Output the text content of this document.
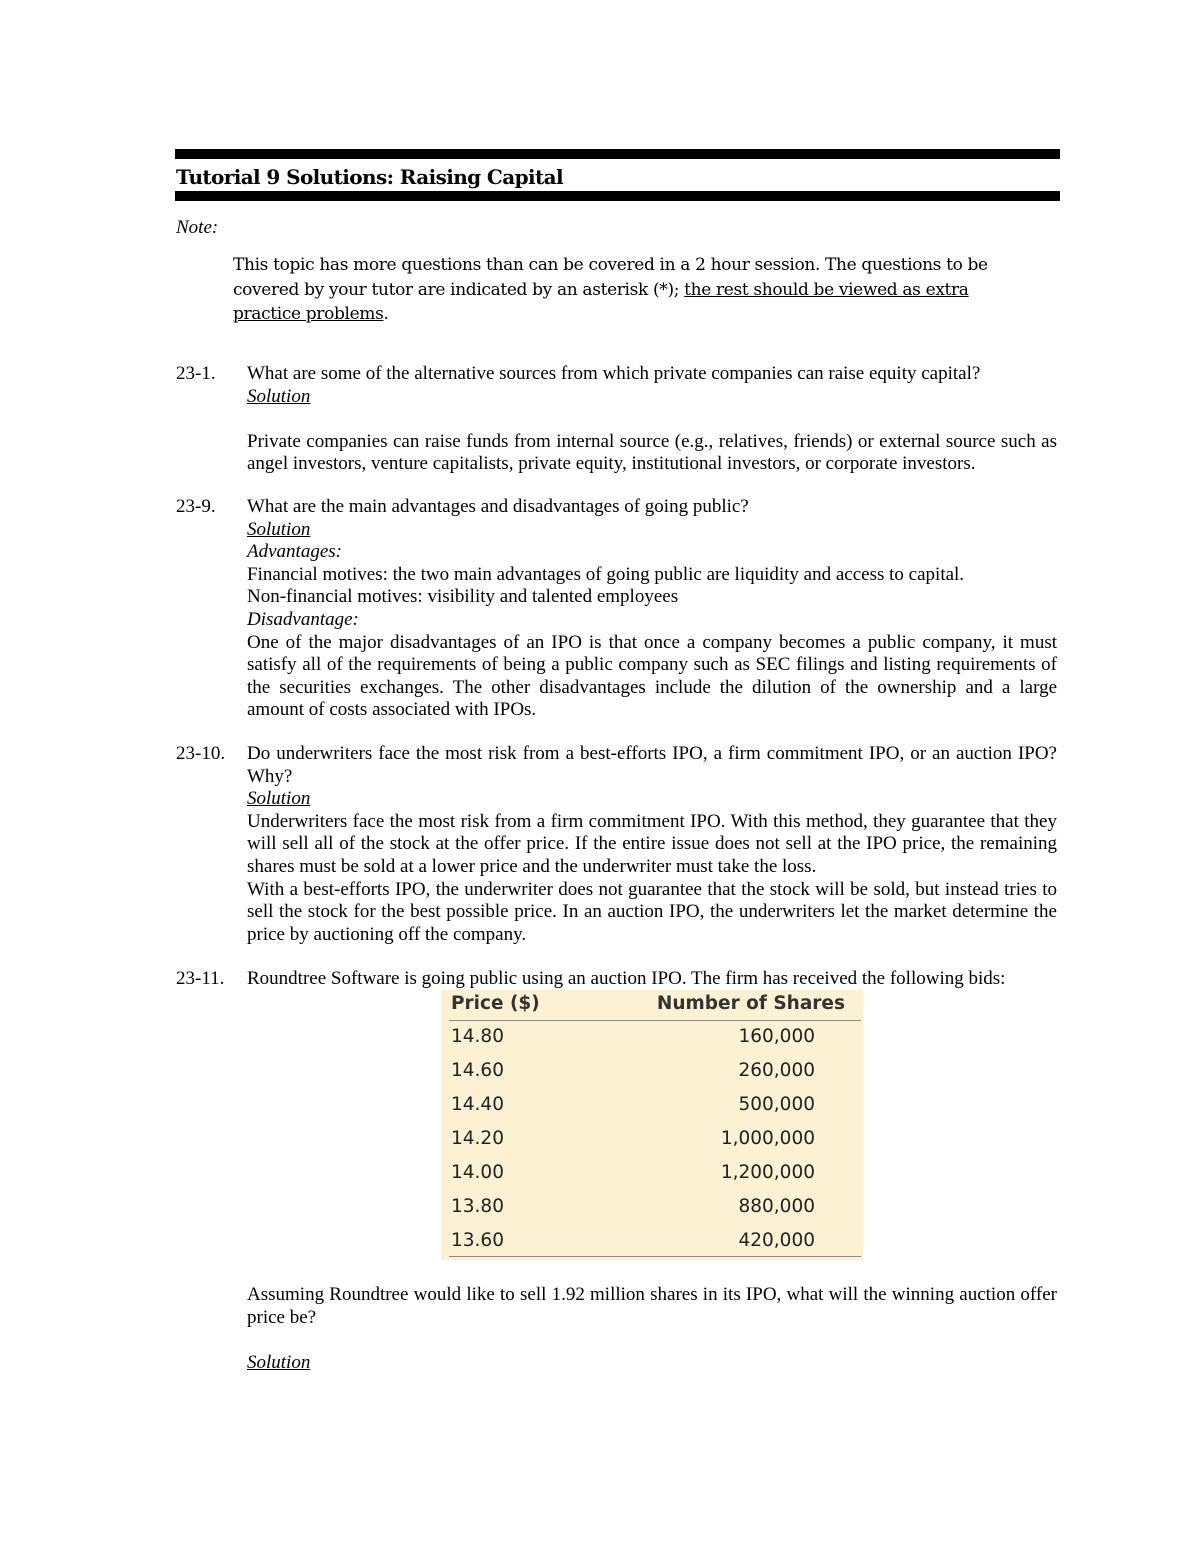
Tutorial 9 Solutions: Raising Capital
Note:
This topic has more questions than can be covered in a 2 hour session. The questions to be covered by your tutor are indicated by an asterisk (*); the rest should be viewed as extra practice problems.
23-1. What are some of the alternative sources from which private companies can raise equity capital?

Solution

Private companies can raise funds from internal source (e.g., relatives, friends) or external source such as angel investors, venture capitalists, private equity, institutional investors, or corporate investors.

23-9. What are the main advantages and disadvantages of going public?

Solution

Advantages:

Financial motives: the two main advantages of going public are liquidity and access to capital.

Non-financial motives: visibility and talented employees

Disadvantage:

One of the major disadvantages of an IPO is that once a company becomes a public company, it must satisfy all of the requirements of being a public company such as SEC filings and listing requirements of the securities exchanges. The other disadvantages include the dilution of the ownership and a large amount of costs associated with IPOs.

23-10. Do underwriters face the most risk from a best-efforts IPO, a firm commitment IPO, or an auction IPO? Why?

Solution

Underwriters face the most risk from a firm commitment IPO. With this method, they guarantee that they will sell all of the stock at the offer price. If the entire issue does not sell at the IPO price, the remaining shares must be sold at a lower price and the underwriter must take the loss.

With a best-efforts IPO, the underwriter does not guarantee that the stock will be sold, but instead tries to sell the stock for the best possible price. In an auction IPO, the underwriters let the market determine the price by auctioning off the company.

23-11. Roundtree Software is going public using an auction IPO. The firm has received the following bids:
Price ($)	Number of Shares
14.80	160,000
14.60	260,000
14.40	500,000
14.20	1,000,000
14.00	1,200,000
13.80	880,000
13.60	420,000

Assuming Roundtree would like to sell 1.92 million shares in its IPO, what will the winning auction offer price be?

Solution
